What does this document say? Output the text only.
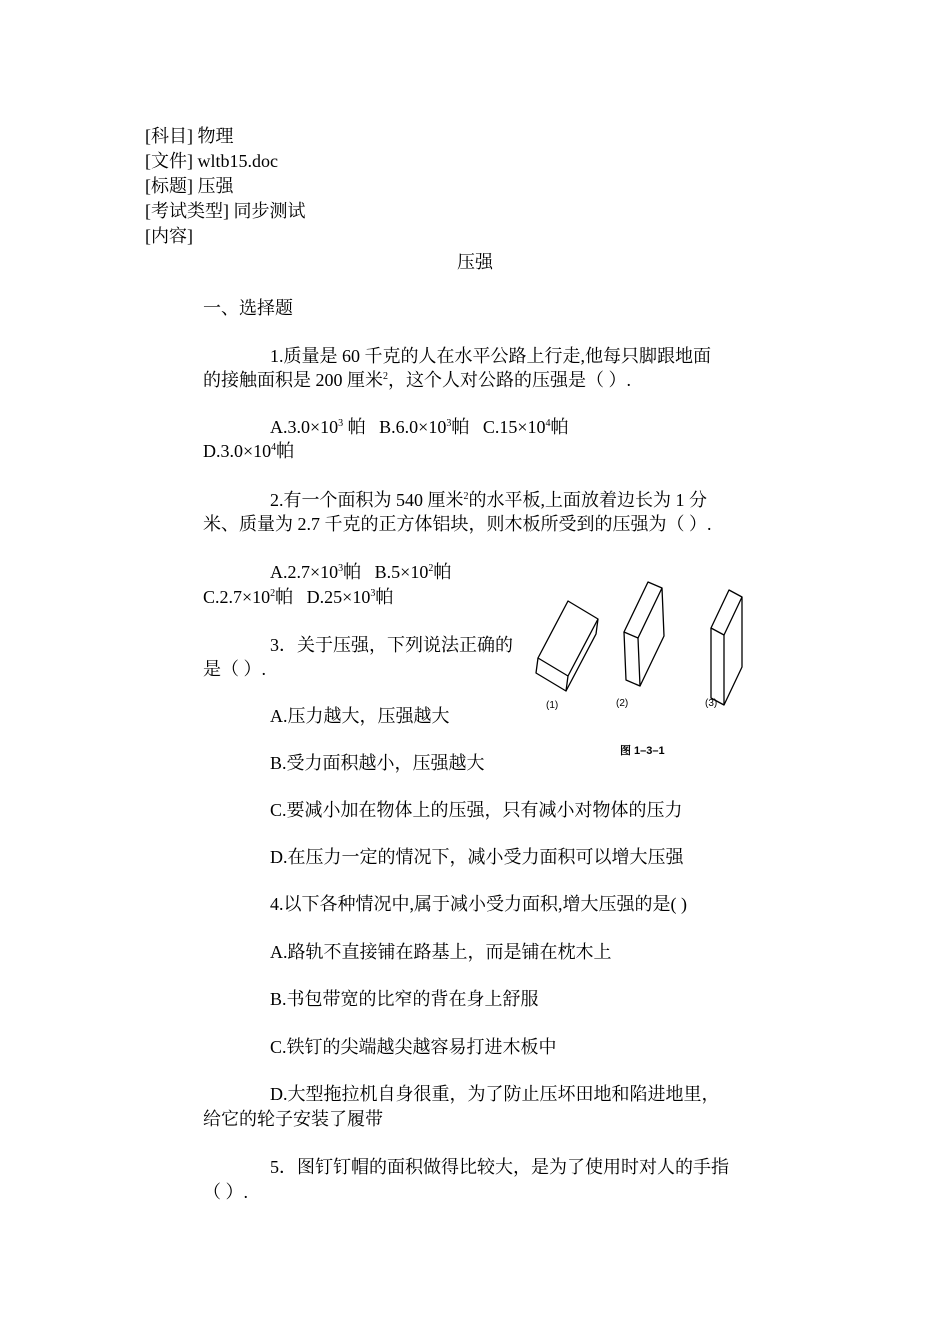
[科目] 物理
[文件] wltb15.doc
[标题] 压强
[考试类型] 同步测试
[内容]
压强
一、选择题
1.质量是 60 千克的人在水平公路上行走,他每只脚跟地面
的接触面积是 200 厘米$^2$，这个人对公路的压强是（ ）.
$A.3.0\times 10^3$ 帕 $B.6.0\times 10^3$帕 $C.15\times 10^4$帕
$D.3.0\times 10^4$帕
2.有一个面积为 540 厘米$^2$的水平板,上面放着边长为 1 分
米、质量为 2.7 千克的正方体铝块，则木板所受到的压强为（ ）.
$A.2.7\times 10^3$帕 $B.5\times 10^2$帕
$C.2.7\times 10^2$帕 $D.25\times 10^3$帕
3．关于压强，下列说法正确的
是（ ）.
A.压力越大，压强越大
B.受力面积越小，压强越大
C.要减小加在物体上的压强，只有减小对物体的压力
D.在压力一定的情况下，减小受力面积可以增大压强
4.以下各种情况中,属于减小受力面积,增大压强的是( )
A.路轨不直接铺在路基上，而是铺在枕木上
B.书包带宽的比窄的背在身上舒服
C.铁钉的尖端越尖越容易打进木板中
D.大型拖拉机自身很重，为了防止压坏田地和陷进地里，
给它的轮子安装了履带
5．图钉钉帽的面积做得比较大，是为了使用时对人的手指
（ ）.
(1)	(2)	(3)
图 1–3–1
